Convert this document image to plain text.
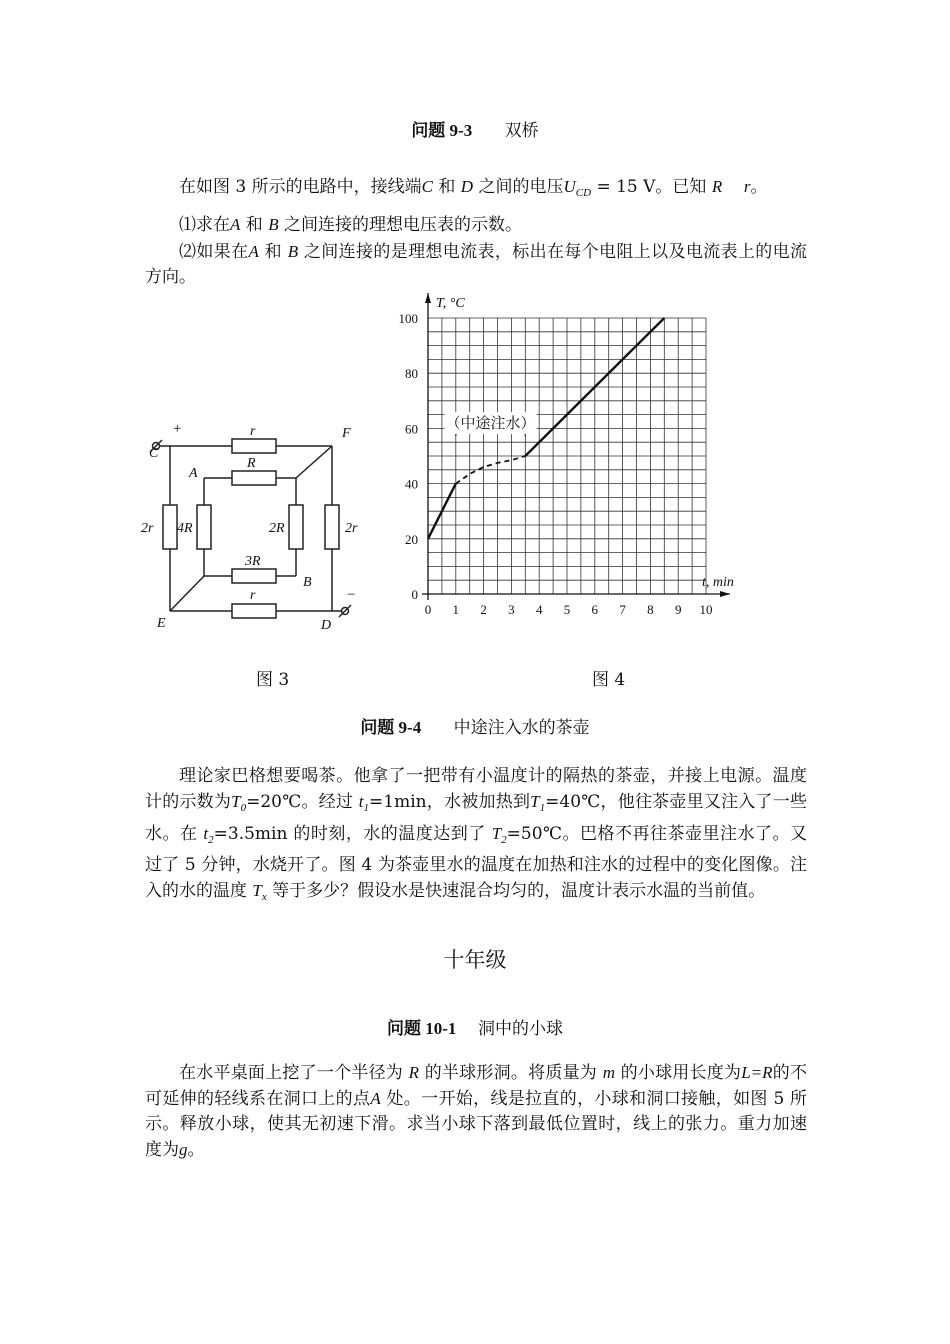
问题 9-3 双桥
在如图 3 所示的电路中，接线端C 和 D 之间的电压$U_{CD} = 15$ V。已知 R r。
⑴求在A 和 B 之间连接的理想电压表的示数。
⑵如果在A 和 B 之间连接的是理想电流表，标出在每个电阻上以及电流表上的电流方向。
r
R
3R
r
2r 4R	2R	2r
C
F
A
E
B
D
+
−
0 1 2 3 4 5 6 7 8 9 10
0
20
40
60
80
100
t, min
T, °C
（中途注水）
图 3	图 4
问题 9-4 中途注入水的茶壶
理论家巴格想要喝茶。他拿了一把带有小温度计的隔热的茶壶，并接上电源。温度计的示数为$T_0=20℃$。经过 $t_1=1\min$，水被加热到$T_1=40℃$，他往茶壶里又注入了一些水。在 $t_2=3.5\min$ 的时刻，水的温度达到了 $T_2=50℃$。巴格不再往茶壶里注水了。又过了 5 分钟，水烧开了。图 4 为茶壶里水的温度在加热和注水的过程中的变化图像。注入的水的温度 $T_x$ 等于多少？假设水是快速混合均匀的，温度计表示水温的当前值。
十年级
问题 10-1 洞中的小球
在水平桌面上挖了一个半径为 R 的半球形洞。将质量为 m 的小球用长度为L=R的不可延伸的轻线系在洞口上的点A 处。一开始，线是拉直的，小球和洞口接触，如图 5 所示。释放小球，使其无初速下滑。求当小球下落到最低位置时，线上的张力。重力加速度为g。
